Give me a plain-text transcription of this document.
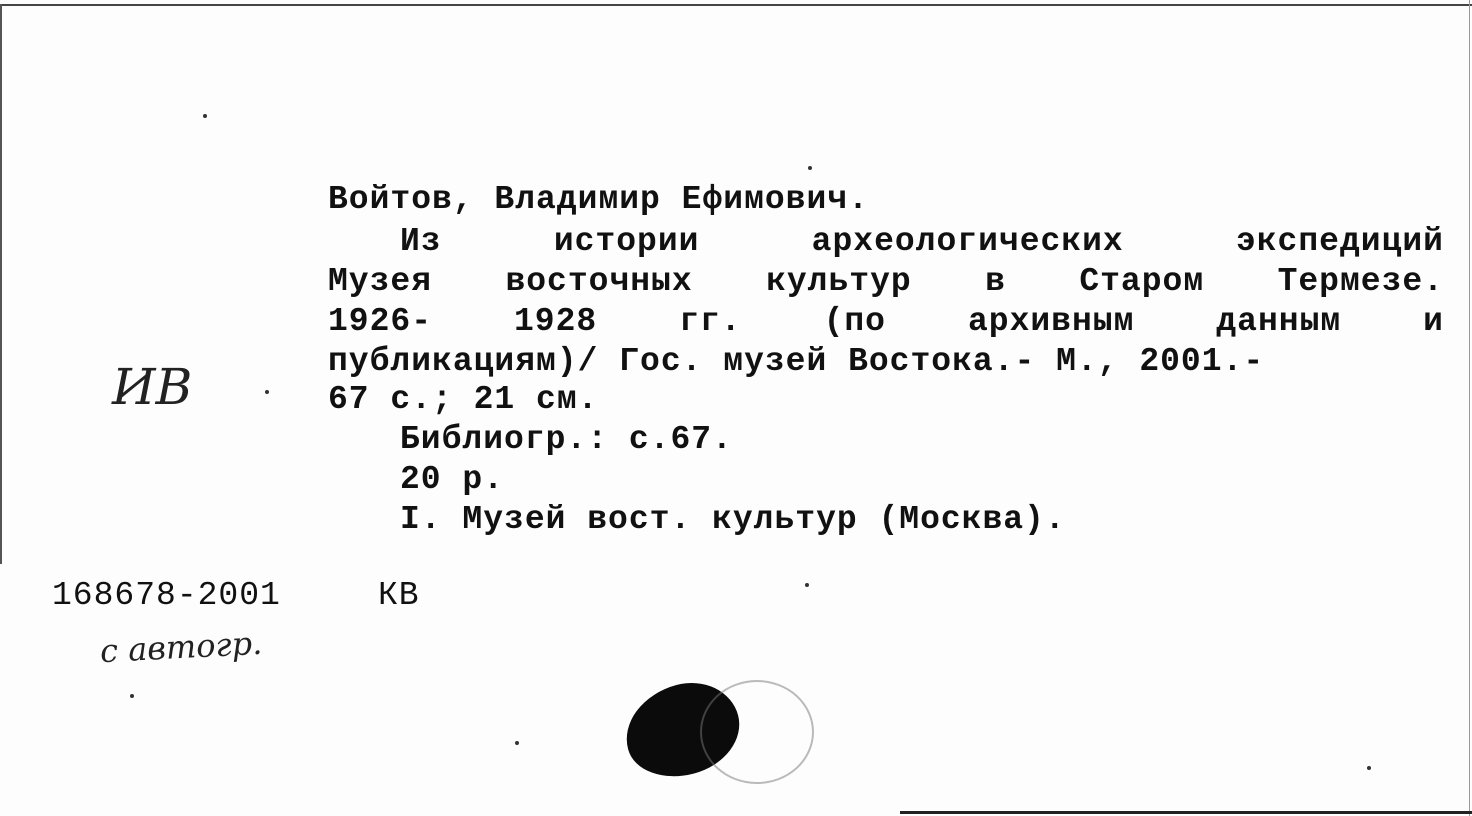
Войтов, Владимир Ефимович.
Из	истории	археологических	экспедиций
Музея восточных культур в Старом Термезе.
1926- 1928 гг. (по архивным данным и
публикациям)/ Гос. музей Востока.- М., 2001.-
67 с.; 21 см.
Библиогр.: с.67.
20 р.
I. Музей вост. культур (Москва).
168678-2001	КВ
ИВ
с автогр.
